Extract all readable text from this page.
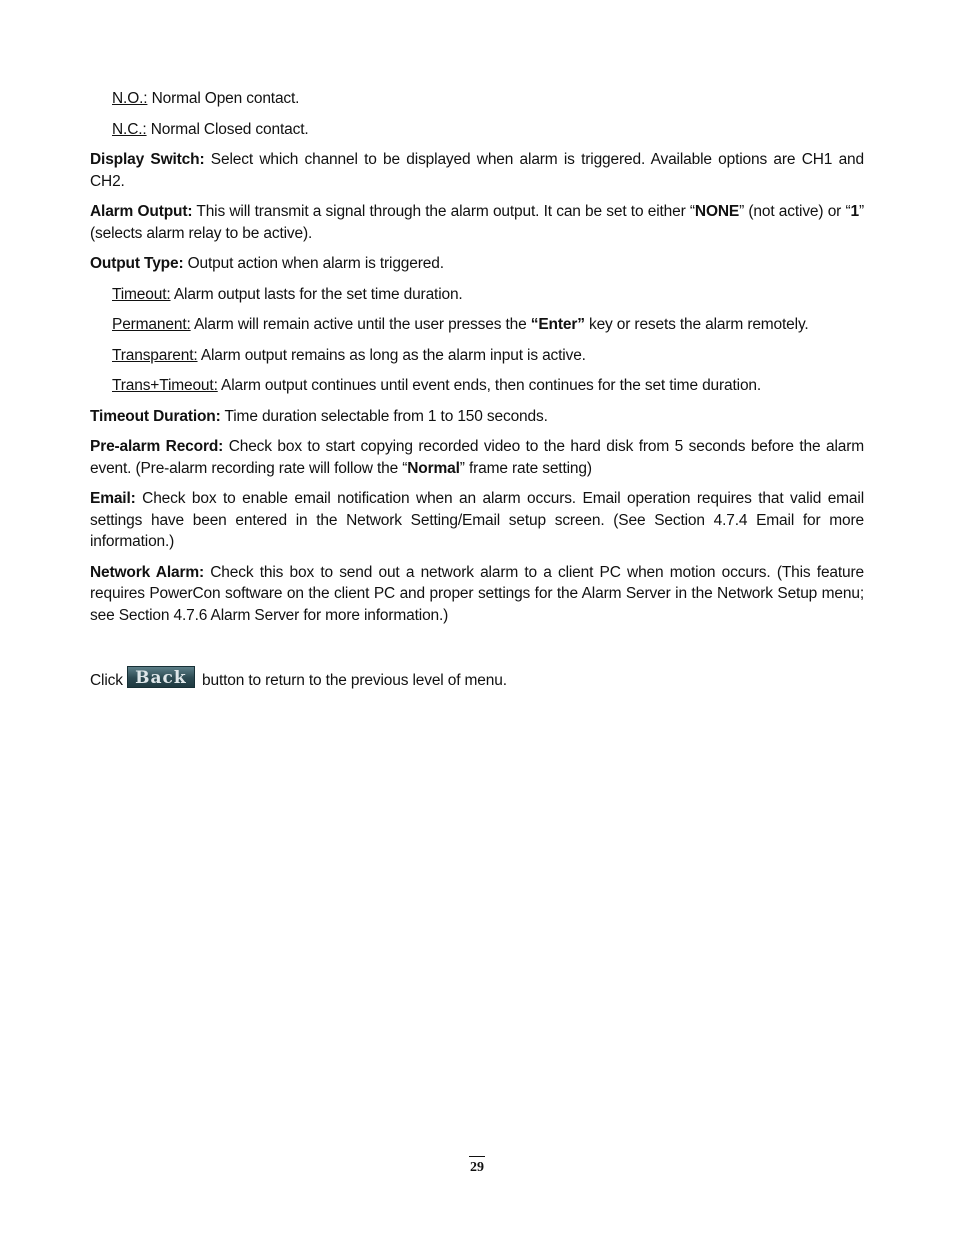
N.O.: Normal Open contact.

N.C.: Normal Closed contact.

Display Switch: Select which channel to be displayed when alarm is triggered. Available options are CH1 and CH2.

Alarm Output: This will transmit a signal through the alarm output. It can be set to either “NONE” (not active) or “1” (selects alarm relay to be active).

Output Type: Output action when alarm is triggered.

Timeout: Alarm output lasts for the set time duration.

Permanent: Alarm will remain active until the user presses the “Enter” key or resets the alarm remotely.

Transparent: Alarm output remains as long as the alarm input is active.

Trans+Timeout: Alarm output continues until event ends, then continues for the set time duration.

Timeout Duration: Time duration selectable from 1 to 150 seconds.

Pre-alarm Record: Check box to start copying recorded video to the hard disk from 5 seconds before the alarm event. (Pre-alarm recording rate will follow the “Normal” frame rate setting)

Email: Check box to enable email notification when an alarm occurs. Email operation requires that valid email settings have been entered in the Network Setting/Email setup screen. (See Section 4.7.4 Email for more information.)

Network Alarm: Check this box to send out a network alarm to a client PC when motion occurs. (This feature requires PowerCon software on the client PC and proper settings for the Alarm Server in the Network Setup menu; see Section 4.7.6 Alarm Server for more information.)

Click Back button to return to the previous level of menu.

29
